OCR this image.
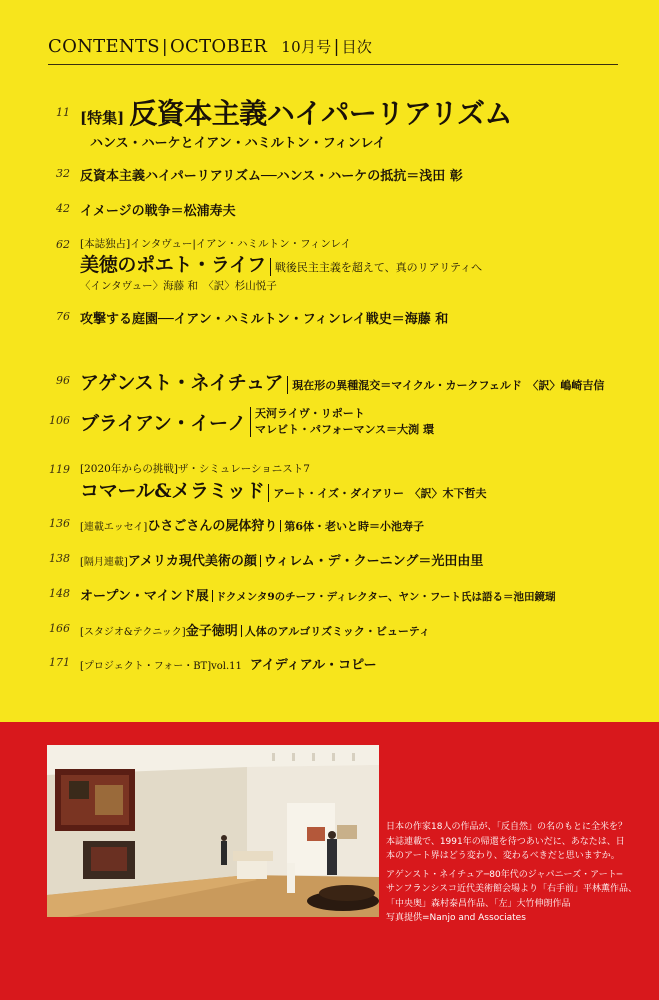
CONTENTS | OCTOBER 10月号 | 目次
11 [特集] 反資本主義ハイパーリアリズム
ハンス・ハーケとイアン・ハミルトン・フィンレイ
32 反資本主義ハイパーリアリズム──ハンス・ハーケの抵抗＝浅田 彰
42 イメージの戦争＝松浦寿夫
62 [本誌独占]インタヴュー|イアン・ハミルトン・フィンレイ
美徳のポエト・ライフ 戦後民主主義を超えて、真のリアリティへ
〈インタヴュー〉海藤 和　〈訳〉杉山悦子
76 攻撃する庭園──イアン・ハミルトン・フィンレイ戦史＝海藤 和
96 アゲンスト・ネイチュア 現在形の異種混交＝マイクル・カークフェルド　〈訳〉嶋崎吉信
106 ブライアン・イーノ 天河ライヴ・リポート
マレビト・パフォーマンス＝大渕 環
119 [2020年からの挑戦]ザ・シミュレーショニスト7
コマール&メラミッド アート・イズ・ダイアリー　〈訳〉木下哲夫
136 [連載エッセイ]ひさごさんの屍体狩り 第6体・老いと時＝小池寿子
138 [隔月連載]アメリカ現代美術の顔 ウィレム・デ・クーニング＝光田由里
148 オープン・マインド展 ドクメンタ9のチーフ・ディレクター、ヤン・フート氏は語る＝池田鏡瑚
166 [スタジオ&テクニック]金子徳明 人体のアルゴリズミック・ビューティ
171 [プロジェクト・フォー・BT]vol.11 アイディアル・コピー
日本の作家18人の作品が、「反自然」の名のもとに全米を？
本誌連載で、1991年の帰還を待つあいだに、あなたは、日
本のアート界はどう変わり、変わるべきだと思いますか。
アゲンスト・ネイチュア─80年代のジャパニーズ・アート─
サンフランシスコ近代美術館会場より「右手前」平林薫作品、
「中央奥」森村泰昌作品、「左」大竹伸朗作品
写真提供=Nanjo and Associates
